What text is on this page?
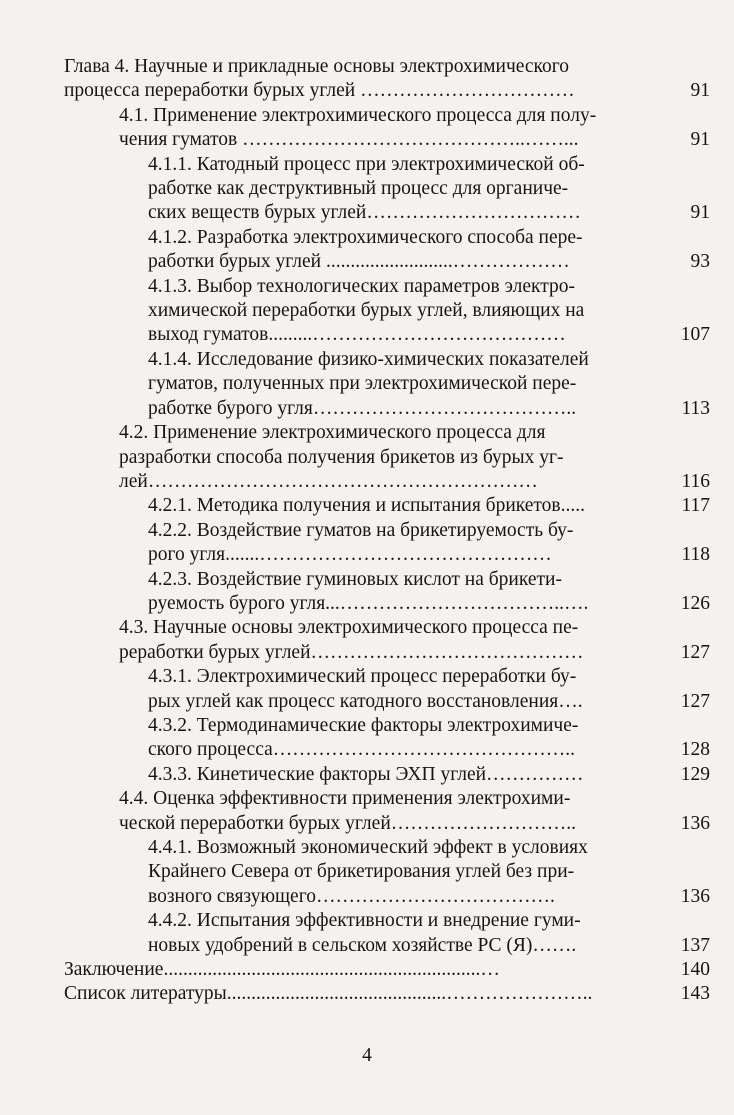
Глава 4. Научные и прикладные основы электрохимического
процесса переработки бурых углей ……………………………	91
4.1. Применение электрохимического процесса для полу-
чения гуматов ……………………………………..……...	91
4.1.1. Катодный процесс при электрохимической об-
работке как деструктивный процесс для органиче-
ских веществ бурых углей……………………………	91
4.1.2. Разработка электрохимического способа пере-
работки бурых углей ..........................………………	93
4.1.3. Выбор технологических параметров электро-
химической переработки бурых углей, влияющих на
выход гуматов.........…………………………………	107
4.1.4. Исследование физико-химических показателей
гуматов, полученных при электрохимической пере-
работке бурого угля…………………………………..	113
4.2. Применение электрохимического процесса для
разработки способа получения брикетов из бурых уг-
лей……………………………………………………	116
4.2.1. Методика получения и испытания брикетов.....	117
4.2.2. Воздействие гуматов на брикетируемость бу-
рого угля.......………………………………………	118
4.2.3. Воздействие гуминовых кислот на брикети-
руемость бурого угля...……………………………..….	126
4.3. Научные основы электрохимического процесса пе-
реработки бурых углей……………………………………	127
4.3.1. Электрохимический процесс переработки бу-
рых углей как процесс катодного восстановления….	127
4.3.2. Термодинамические факторы электрохимиче-
ского процесса………………………………………..	128
4.3.3. Кинетические факторы ЭХП углей……………	129
4.4. Оценка эффективности применения электрохими-
ческой переработки бурых углей………………………..	136
4.4.1. Возможный экономический эффект в условиях
Крайнего Севера от брикетирования углей без при-
возного связующего……………………………….	136
4.4.2. Испытания эффективности и внедрение гуми-
новых удобрений в сельском хозяйстве РС (Я)…….	137
Заключение.................................................................…	140
Список литературы.............................................…………………..	143
4
